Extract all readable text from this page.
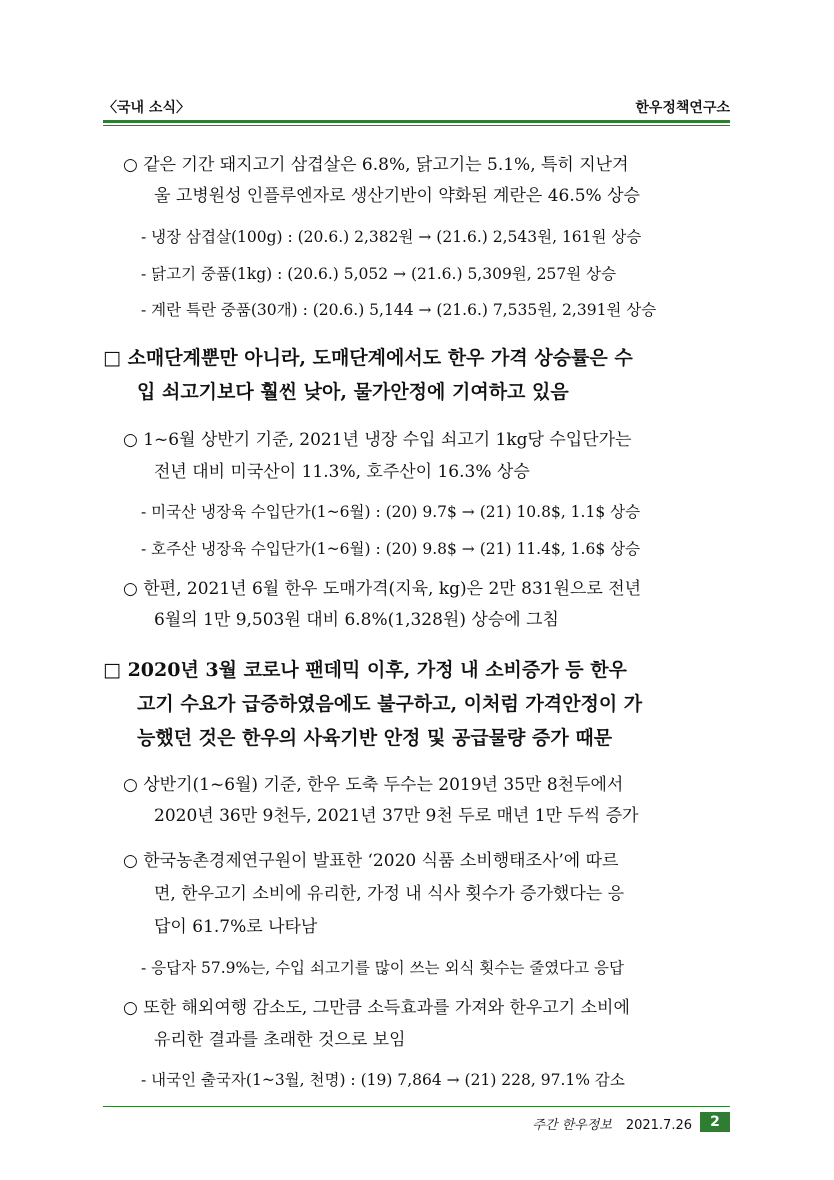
〈국내 소식〉	한우정책연구소
○ 같은 기간 돼지고기 삼겹살은 6.8%, 닭고기는 5.1%, 특히 지난겨
울 고병원성 인플루엔자로 생산기반이 약화된 계란은 46.5% 상승
- 냉장 삼겹살(100g) : (20.6.) 2,382원 → (21.6.) 2,543원, 161원 상승
- 닭고기 중품(1kg) : (20.6.) 5,052 → (21.6.) 5,309원, 257원 상승
- 계란 특란 중품(30개) : (20.6.) 5,144 → (21.6.) 7,535원, 2,391원 상승
□ 소매단계뿐만 아니라, 도매단계에서도 한우 가격 상승률은 수
입 쇠고기보다 훨씬 낮아, 물가안정에 기여하고 있음
○ 1~6월 상반기 기준, 2021년 냉장 수입 쇠고기 1kg당 수입단가는
전년 대비 미국산이 11.3%, 호주산이 16.3% 상승
- 미국산 냉장육 수입단가(1~6월) : (20) 9.7$ → (21) 10.8$, 1.1$ 상승
- 호주산 냉장육 수입단가(1~6월) : (20) 9.8$ → (21) 11.4$, 1.6$ 상승
○ 한편, 2021년 6월 한우 도매가격(지육, kg)은 2만 831원으로 전년
6월의 1만 9,503원 대비 6.8%(1,328원) 상승에 그침
□ 2020년 3월 코로나 팬데믹 이후, 가정 내 소비증가 등 한우
고기 수요가 급증하였음에도 불구하고, 이처럼 가격안정이 가
능했던 것은 한우의 사육기반 안정 및 공급물량 증가 때문
○ 상반기(1~6월) 기준, 한우 도축 두수는 2019년 35만 8천두에서
2020년 36만 9천두, 2021년 37만 9천 두로 매년 1만 두씩 증가
○ 한국농촌경제연구원이 발표한 ‘2020 식품 소비행태조사’에 따르
면, 한우고기 소비에 유리한, 가정 내 식사 횟수가 증가했다는 응
답이 61.7%로 나타남
- 응답자 57.9%는, 수입 쇠고기를 많이 쓰는 외식 횟수는 줄였다고 응답
○ 또한 해외여행 감소도, 그만큼 소득효과를 가져와 한우고기 소비에
유리한 결과를 초래한 것으로 보임
- 내국인 출국자(1~3월, 천명) : (19) 7,864 → (21) 228, 97.1% 감소
주간 한우정보 2021.7.26	2
